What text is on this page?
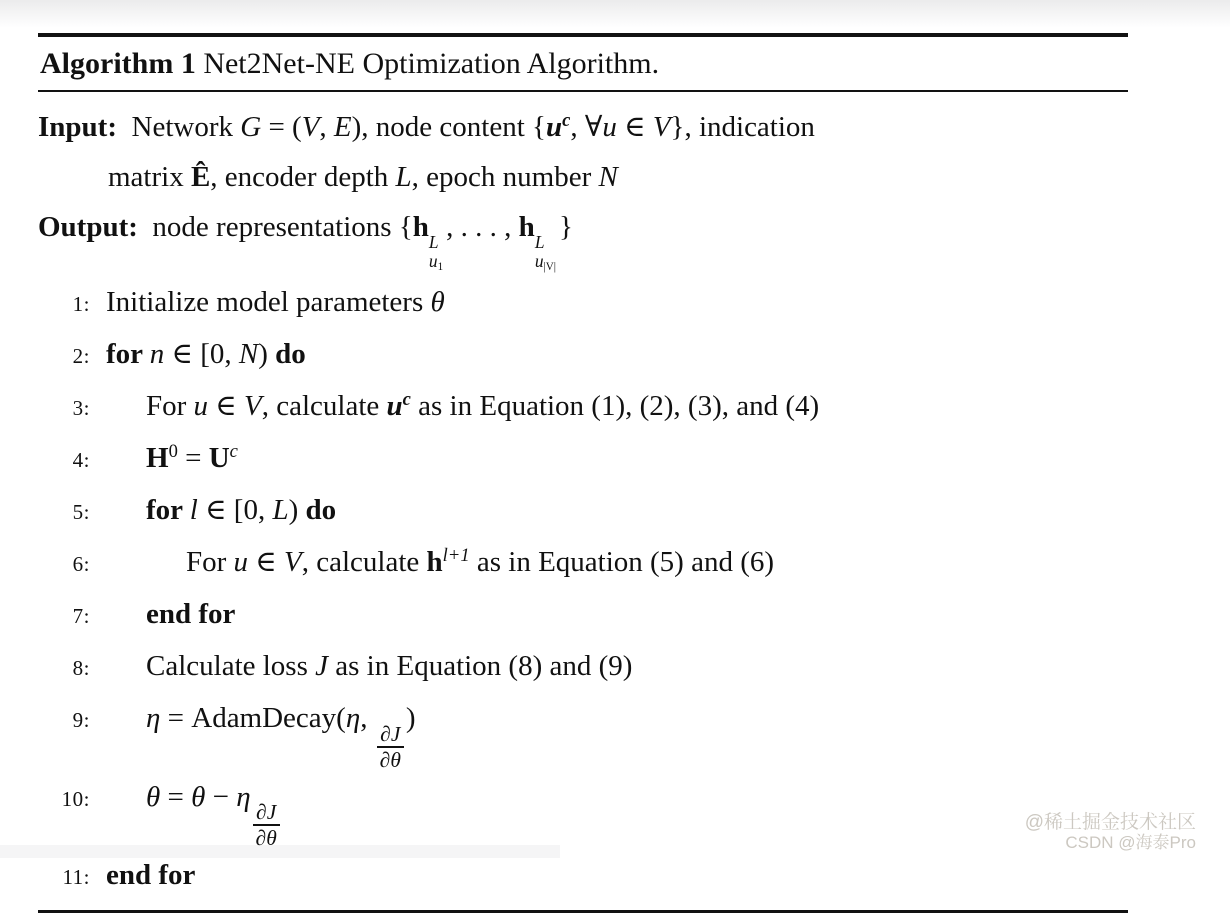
Algorithm 1 Net2Net-NE Optimization Algorithm.

Input:  Network G = (V, E), node content {$u^c$, ∀u ∈ V}, indication

matrix Ê, encoder depth L, epoch number N

Output:  node representations {h L
$u_1$
, . . . , h L
$u_{|V|}$
}

1: Initialize model parameters θ
2: for n ∈ [0, N) do
3:	For u ∈ V, calculate $u^c$ as in Equation (1), (2), (3), and (4)
4:	$H^0 = U^c$
5:	for l ∈ [0, L) do
6:	For u ∈ V, calculate $h^{l+1}$ as in Equation (5) and (6)
7:	end for
8:	Calculate loss J as in Equation (8) and (9)
9:	η = AdamDecay(η,
$\frac{\partial J}{\partial\theta}$
)
10:	θ = θ − η
$\frac{\partial J}{\partial\theta}$
11: end for
@稀土掘金技术社区
CSDN @海泰Pro
